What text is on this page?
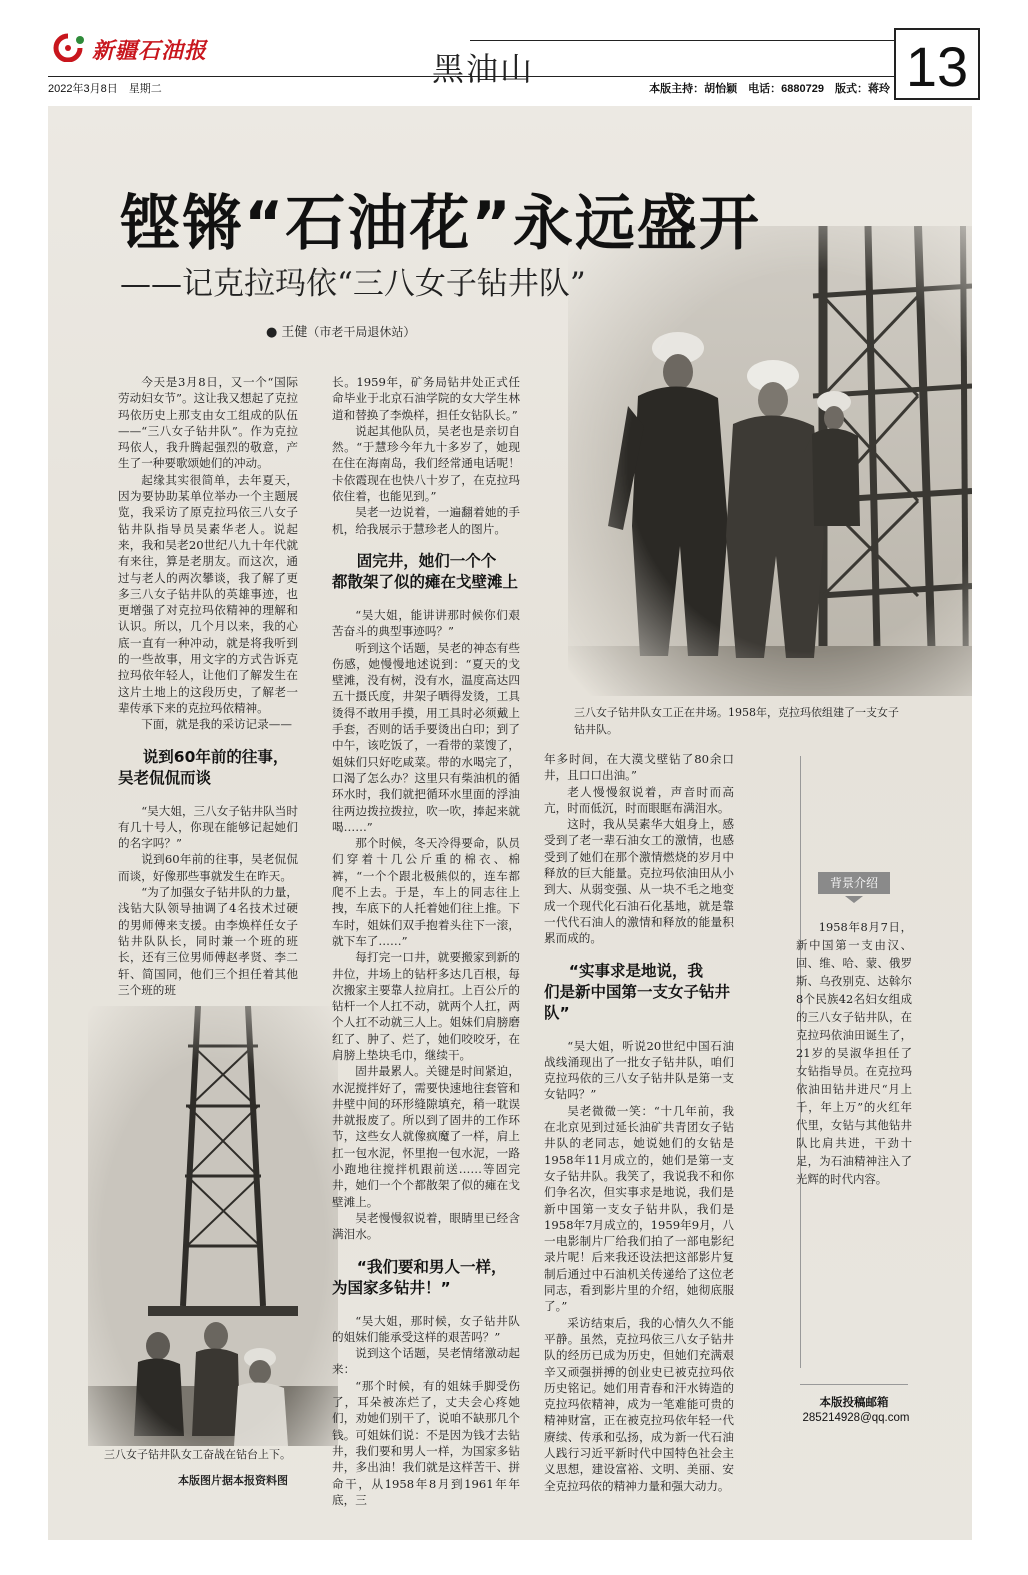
新疆石油报	黑油山
2022年3月8日　星期二	本版主持：胡怡颖　电话：6880729　版式：蒋玲 13
铿锵“石油花”永远盛开
——记克拉玛依“三八女子钻井队”
● 王健（市老干局退休站）

今天是3月8日，又一个“国际劳动妇女节”。这让我又想起了克拉玛依历史上那支由女工组成的队伍——“三八女子钻井队”。作为克拉玛依人，我升腾起强烈的敬意，产生了一种要歌颂她们的冲动。

起缘其实很简单，去年夏天，因为要协助某单位举办一个主题展览，我采访了原克拉玛依三八女子钻井队指导员吴素华老人。说起来，我和吴老20世纪八九十年代就有来往，算是老朋友。而这次，通过与老人的两次攀谈，我了解了更多三八女子钻井队的英雄事迹，也更增强了对克拉玛依精神的理解和认识。所以，几个月以来，我的心底一直有一种冲动，就是将我听到的一些故事，用文字的方式告诉克拉玛依年轻人，让他们了解发生在这片土地上的这段历史，了解老一辈传承下来的克拉玛依精神。

下面，就是我的采访记录——

说到60年前的往事，
吴老侃侃而谈

“吴大姐，三八女子钻井队当时有几十号人，你现在能够记起她们的名字吗？”

说到60年前的往事，吴老侃侃而谈，好像那些事就发生在昨天。

“为了加强女子钻井队的力量，浅钻大队领导抽调了4名技术过硬的男师傅来支援。由李焕样任女子钻井队队长，同时兼一个班的班长，还有三位男师傅赵孝贤、李二轩、简国同，他们三个担任着其他三个班的班

长。1959年，矿务局钻井处正式任命毕业于北京石油学院的女大学生林道和替换了李焕样，担任女钻队长。”

说起其他队员，吴老也是亲切自然。“于慧珍今年九十多岁了，她现在住在海南岛，我们经常通电话呢！卡依霞现在也快八十岁了，在克拉玛依住着，也能见到。”

吴老一边说着，一遍翻着她的手机，给我展示于慧珍老人的图片。

固完井，她们一个个
都散架了似的瘫在戈壁滩上

“吴大姐，能讲讲那时候你们艰苦奋斗的典型事迹吗？”

听到这个话题，吴老的神态有些伤感，她慢慢地述说到：“夏天的戈壁滩，没有树，没有水，温度高达四五十摄氏度，井架子晒得发烫，工具烫得不敢用手摸，用工具时必须戴上手套，否则的话手要烫出白印；到了中午，该吃饭了，一看带的菜馊了，姐妹们只好吃咸菜。带的水喝完了，口渴了怎么办？这里只有柴油机的循环水时，我们就把循环水里面的浮油往两边拨拉拨拉，吹一吹，捧起来就喝……”

那个时候，冬天冷得要命，队员们穿着十几公斤重的棉衣、棉裤，“一个个跟北极熊似的，连车都爬不上去。于是，车上的同志往上拽，车底下的人托着她们往上推。下车时，姐妹们双手抱着头往下一滚，就下车了……”

每打完一口井，就要搬家到新的井位，井场上的钻杆多达几百根，每次搬家主要靠人拉肩扛。上百公斤的钻杆一个人扛不动，就两个人扛，两个人扛不动就三人上。姐妹们肩膀磨红了、肿了、烂了，她们咬咬牙，在肩膀上垫块毛巾，继续干。

固井最累人。关键是时间紧迫，水泥搅拌好了，需要快速地往套管和井壁中间的环形缝隙填充，稍一耽误井就报废了。所以到了固井的工作环节，这些女人就像疯魔了一样，肩上扛一包水泥，怀里抱一包水泥，一路小跑地往搅拌机跟前送……等固完井，她们一个个都散架了似的瘫在戈壁滩上。

吴老慢慢叙说着，眼睛里已经含满泪水。

“我们要和男人一样，
为国家多钻井！”

“吴大姐，那时候，女子钻井队的姐妹们能承受这样的艰苦吗？”

说到这个话题，吴老情绪激动起来：

“那个时候，有的姐妹手脚受伤了，耳朵被冻烂了，丈夫会心疼她们，劝她们别干了，说咱不缺那几个钱。可姐妹们说：不是因为钱才去钻井，我们要和男人一样，为国家多钻井，多出油！我们就是这样苦干、拼命干，从1958年8月到1961年年底，三

年多时间，在大漠戈壁钻了80余口井，且口口出油。”

老人慢慢叙说着，声音时而高亢，时而低沉，时而眼眶布满泪水。

这时，我从吴素华大姐身上，感受到了老一辈石油女工的激情，也感受到了她们在那个激情燃烧的岁月中释放的巨大能量。克拉玛依油田从小到大、从弱变强、从一块不毛之地变成一个现代化石油石化基地，就是靠一代代石油人的激情和释放的能量积累而成的。

“实事求是地说，我
们是新中国第一支女子钻井队”

“吴大姐，听说20世纪中国石油战线涌现出了一批女子钻井队，咱们克拉玛依的三八女子钻井队是第一支女钻吗？”

吴老微微一笑：“十几年前，我在北京见到过延长油矿共青团女子钻井队的老同志，她说她们的女钻是1958年11月成立的，她们是第一支女子钻井队。我笑了，我说我不和你们争名次，但实事求是地说，我们是新中国第一支女子钻井队，我们是1958年7月成立的，1959年9月，八一电影制片厂给我们拍了一部电影纪录片呢！后来我还设法把这部影片复制后通过中石油机关传递给了这位老同志，看到影片里的介绍，她彻底服了。”

采访结束后，我的心情久久不能平静。虽然，克拉玛依三八女子钻井队的经历已成为历史，但她们充满艰辛又顽强拼搏的创业史已被克拉玛依历史铭记。她们用青春和汗水铸造的克拉玛依精神，成为一笔难能可贵的精神财富，正在被克拉玛依年轻一代赓续、传承和弘扬，成为新一代石油人践行习近平新时代中国特色社会主义思想，建设富裕、文明、美丽、安全克拉玛依的精神力量和强大动力。

三八女子钻井队女工正在井场。1958年，克拉玛依组建了一支女子钻井队。
三八女子钻井队女工奋战在钻台上下。
本版图片据本报资料图
背景介绍
1958年8月7日，新中国第一支由汉、回、维、哈、蒙、俄罗斯、乌孜别克、达斡尔8个民族42名妇女组成的三八女子钻井队，在克拉玛依油田诞生了，21岁的吴淑华担任了女钻指导员。在克拉玛依油田钻井进尺“月上千，年上万”的火红年代里，女钻与其他钻井队比肩共进，干劲十足，为石油精神注入了光辉的时代内容。
本版投稿邮箱
285214928@qq.com
